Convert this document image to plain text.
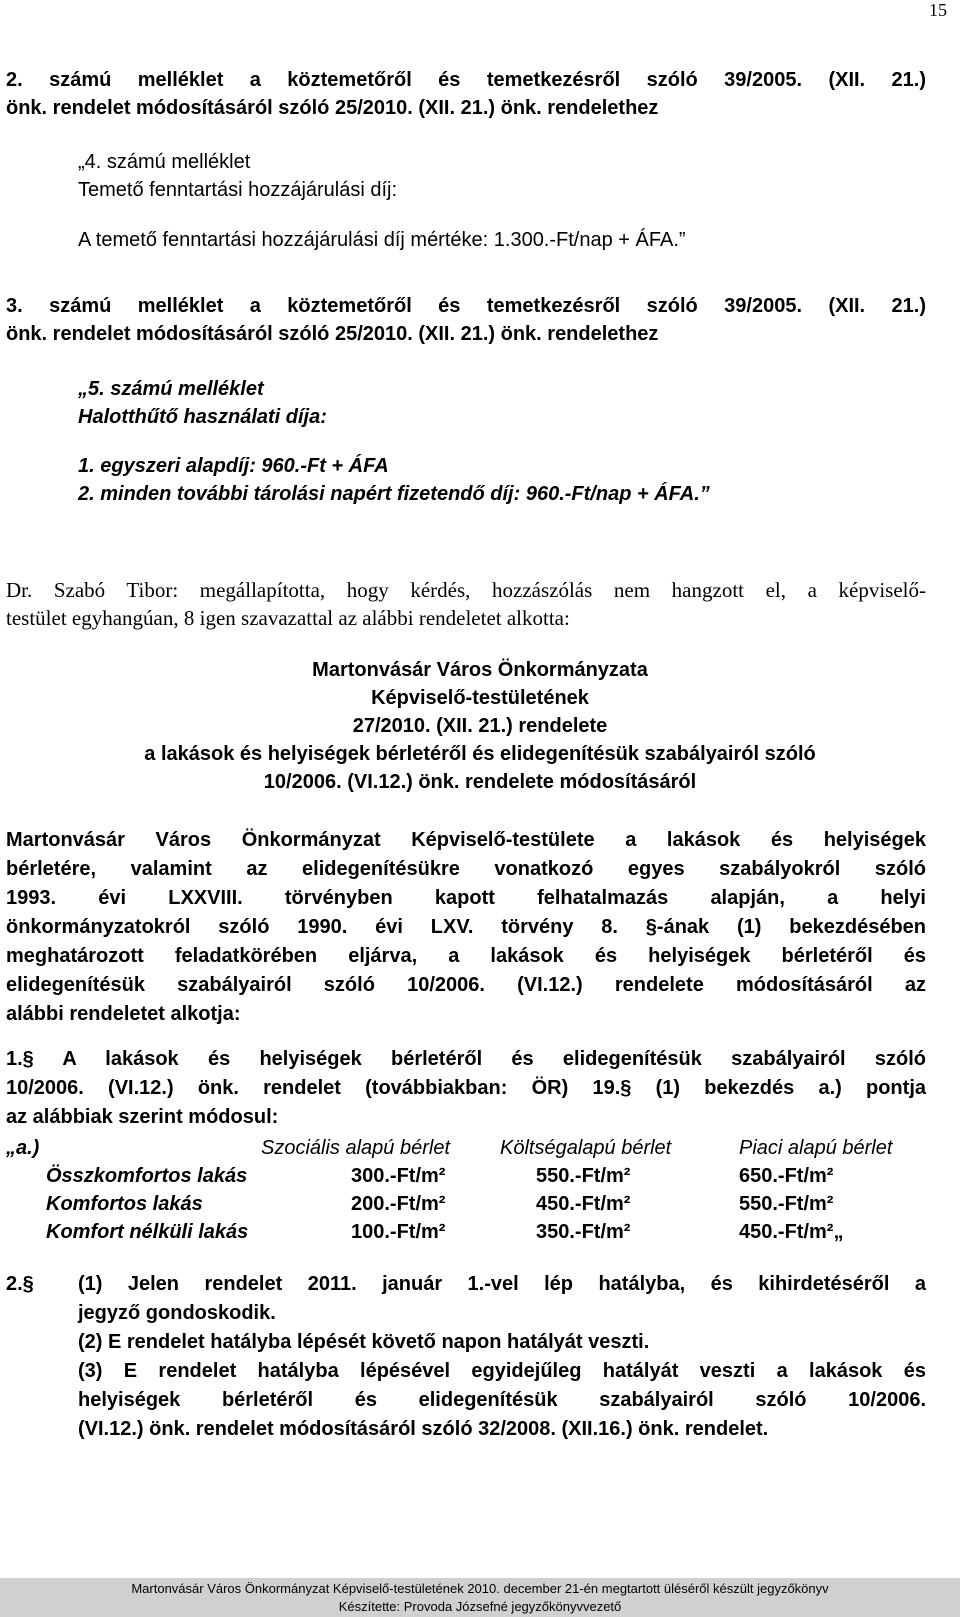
15
2. számú melléklet a köztemetőről és temetkezésről szóló 39/2005. (XII. 21.)
önk. rendelet módosításáról szóló 25/2010. (XII. 21.) önk. rendelethez
„4. számú melléklet
Temető fenntartási hozzájárulási díj:
A temető fenntartási hozzájárulási díj mértéke: 1.300.-Ft/nap + ÁFA.”
3. számú melléklet a köztemetőről és temetkezésről szóló 39/2005. (XII. 21.)
önk. rendelet módosításáról szóló 25/2010. (XII. 21.) önk. rendelethez
„5. számú melléklet
Halotthűtő használati díja:
1. egyszeri alapdíj: 960.-Ft + ÁFA
2. minden további tárolási napért fizetendő díj: 960.-Ft/nap + ÁFA.”
Dr. Szabó Tibor: megállapította, hogy kérdés, hozzászólás nem hangzott el, a képviselő-
testület egyhangúan, 8 igen szavazattal az alábbi rendeletet alkotta:
Martonvásár Város Önkormányzata
Képviselő-testületének
27/2010. (XII. 21.) rendelete
a lakások és helyiségek bérletéről és elidegenítésük szabályairól szóló
10/2006. (VI.12.) önk. rendelete módosításáról
Martonvásár Város Önkormányzat Képviselő-testülete a lakások és helyiségek
bérletére, valamint az elidegenítésükre vonatkozó egyes szabályokról szóló
1993. évi LXXVIII. törvényben kapott felhatalmazás alapján, a helyi
önkormányzatokról szóló 1990. évi LXV. törvény 8. §-ának (1) bekezdésében
meghatározott feladatkörében eljárva, a lakások és helyiségek bérletéről és
elidegenítésük szabályairól szóló 10/2006. (VI.12.) rendelete módosításáról az
alábbi rendeletet alkotja:
1.§ A lakások és helyiségek bérletéről és elidegenítésük szabályairól szóló
10/2006. (VI.12.) önk. rendelet (továbbiakban: ÖR) 19.§ (1) bekezdés a.) pontja
az alábbiak szerint módosul:
„a.)	Szociális alapú bérlet	Költségalapú bérlet	Piaci alapú bérlet
Összkomfortos lakás	300.-Ft/m²	550.-Ft/m²	650.-Ft/m²
Komfortos lakás	200.-Ft/m²	450.-Ft/m²	550.-Ft/m²
Komfort nélküli lakás	100.-Ft/m²	350.-Ft/m²	450.-Ft/m²„
2.§ (1) Jelen rendelet 2011. január 1.-vel lép hatályba, és kihirdetéséről a
jegyző gondoskodik.
(2) E rendelet hatályba lépését követő napon hatályát veszti.
(3) E rendelet hatályba lépésével egyidejűleg hatályát veszti a lakások és
helyiségek bérletéről és elidegenítésük szabályairól szóló 10/2006.
(VI.12.) önk. rendelet módosításáról szóló 32/2008. (XII.16.) önk. rendelet.
Martonvásár Város Önkormányzat Képviselő-testületének 2010. december 21-én megtartott üléséről készült jegyzőkönyv
Készítette: Provoda Józsefné jegyzőkönyvvezető
